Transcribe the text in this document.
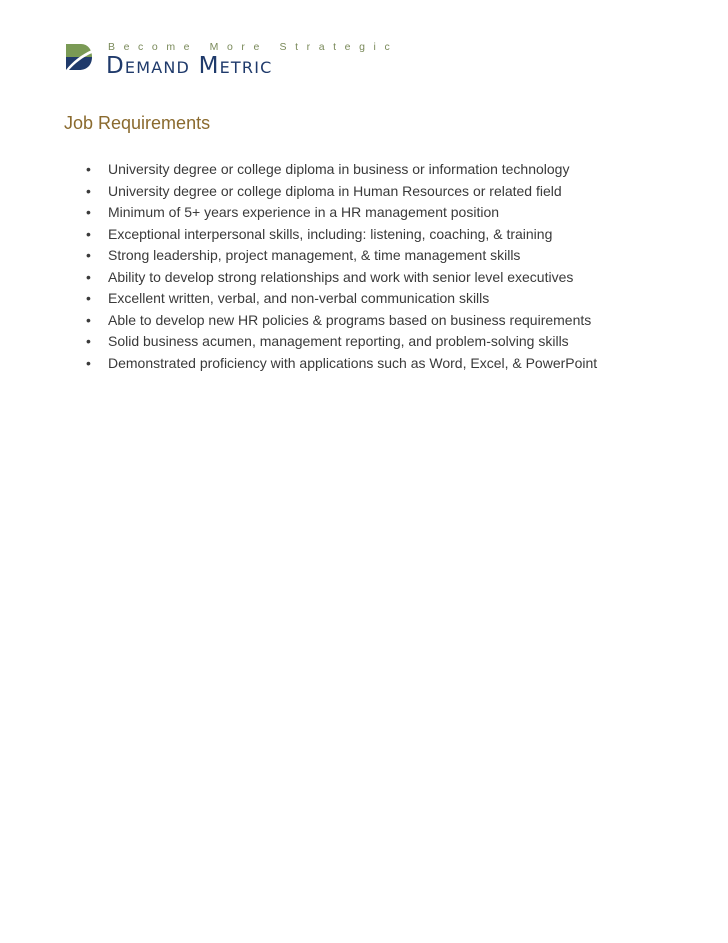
Become More Strategic
Demand Metric
Job Requirements
• University degree or college diploma in business or information technology
• University degree or college diploma in Human Resources or related field
• Minimum of 5+ years experience in a HR management position
• Exceptional interpersonal skills, including: listening, coaching, & training
• Strong leadership, project management, & time management skills
• Ability to develop strong relationships and work with senior level executives
• Excellent written, verbal, and non-verbal communication skills
• Able to develop new HR policies & programs based on business requirements
• Solid business acumen, management reporting, and problem-solving skills
• Demonstrated proficiency with applications such as Word, Excel, & PowerPoint
